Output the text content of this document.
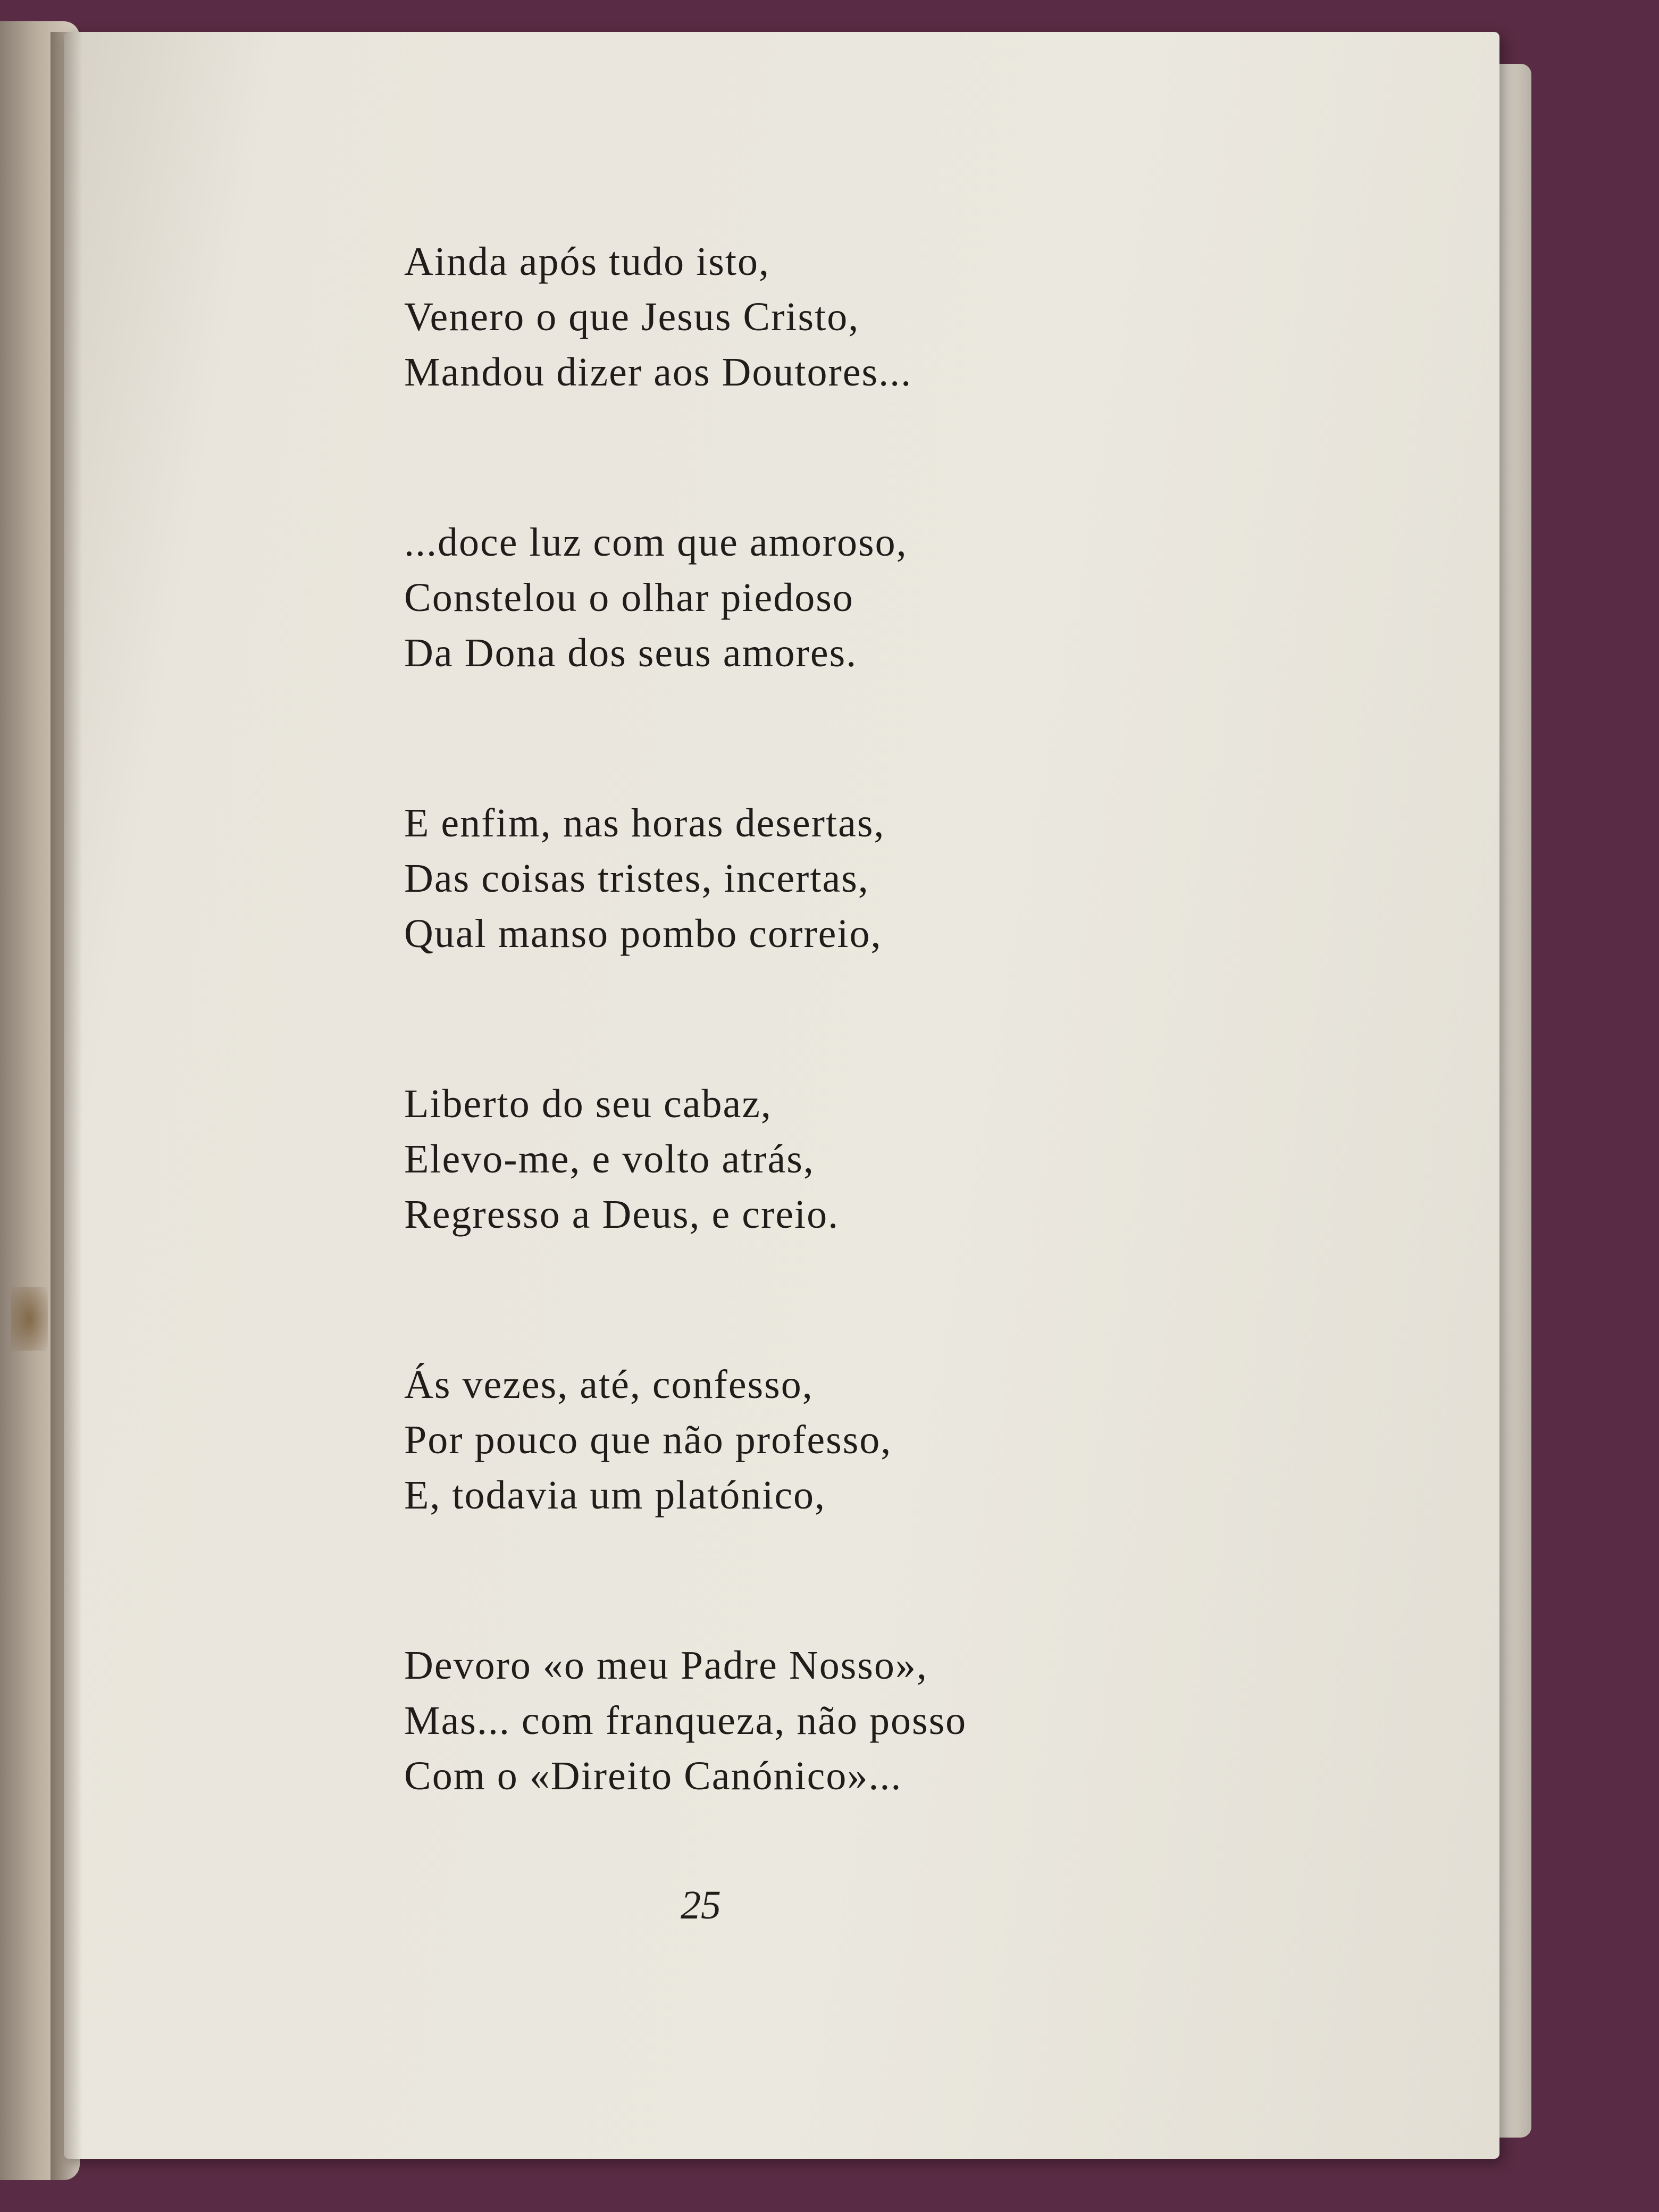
Ainda após tudo isto,
Venero o que Jesus Cristo,
Mandou dizer aos Doutores...
...doce luz com que amoroso,
Constelou o olhar piedoso
Da Dona dos seus amores.
E enfim, nas horas desertas,
Das coisas tristes, incertas,
Qual manso pombo correio,
Liberto do seu cabaz,
Elevo-me, e volto atrás,
Regresso a Deus, e creio.
Ás vezes, até, confesso,
Por pouco que não professo,
E, todavia um platónico,
Devoro «o meu Padre Nosso»,
Mas... com franqueza, não posso
Com o «Direito Canónico»...
25
